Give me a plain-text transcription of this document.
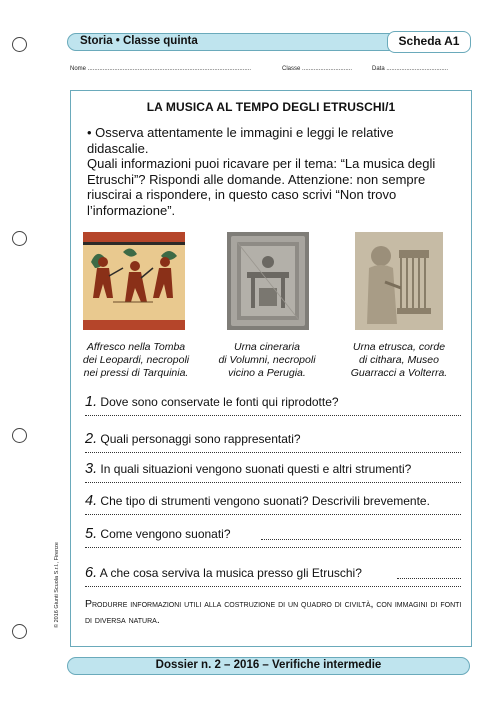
Storia • Classe quinta	Scheda A1
Nome ..................................................................................................	Classe ..............................	Data .....................................
LA MUSICA AL TEMPO DEGLI ETRUSCHI/1

• Osserva attentamente le immagini e leggi le relative didascalie.

Quali informazioni puoi ricavare per il tema: “La musica degli Etruschi”? Rispondi alle domande. Attenzione: non sempre riuscirai a rispondere, in questo caso scrivi “Non trovo l’informazione”.

Affresco nella Tomba
dei Leopardi, necropoli
nei pressi di Tarquinia.
Urna cineraria
di Volumni, necropoli
vicino a Perugia.
Urna etrusca, corde
di cithara, Museo
Guarracci a Volterra.
1. Dove sono conservate le fonti qui riprodotte?
2. Quali personaggi sono rappresentati?
3. In quali situazioni vengono suonati questi e altri strumenti?
4. Che tipo di strumenti vengono suonati? Descrivili brevemente.
5. Come vengono suonati?
6. A che cosa serviva la musica presso gli Etruschi?
Produrre informazioni utili alla costruzione di un quadro di civiltà, con immagini di fonti di diversa natura.
© 2016 Giunti Scuola S.r.l., Firenze
Dossier n. 2 – 2016 – Verifiche intermedie
